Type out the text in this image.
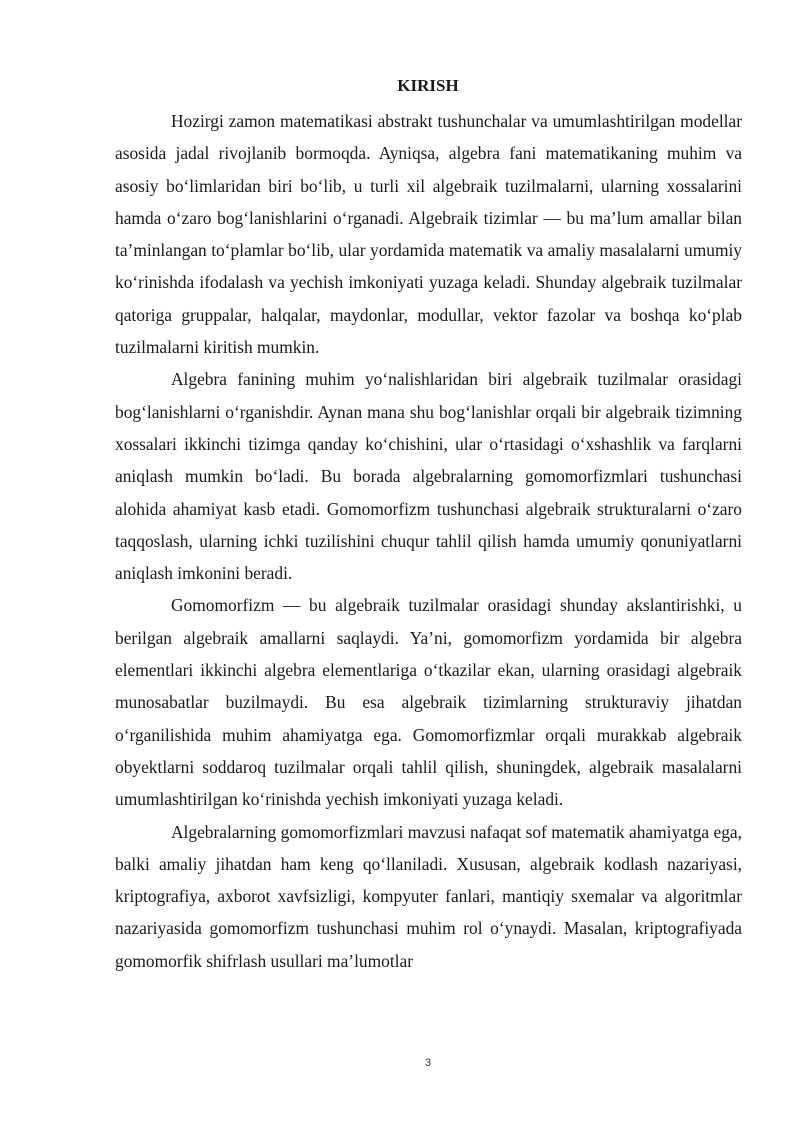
KIRISH

Hozirgi zamon matematikasi abstrakt tushunchalar va umumlashtirilgan modellar asosida jadal rivojlanib bormoqda. Ayniqsa, algebra fani matematikaning muhim va asosiy boʻlimlaridan biri boʻlib, u turli xil algebraik tuzilmalarni, ularning xossalarini hamda oʻzaro bogʻlanishlarini oʻrganadi. Algebraik tizimlar — bu maʼlum amallar bilan taʼminlangan toʻplamlar boʻlib, ular yordamida matematik va amaliy masalalarni umumiy koʻrinishda ifodalash va yechish imkoniyati yuzaga keladi. Shunday algebraik tuzilmalar qatoriga gruppalar, halqalar, maydonlar, modullar, vektor fazolar va boshqa koʻplab tuzilmalarni kiritish mumkin.

Algebra fanining muhim yoʻnalishlaridan biri algebraik tuzilmalar orasidagi bogʻlanishlarni oʻrganishdir. Aynan mana shu bogʻlanishlar orqali bir algebraik tizimning xossalari ikkinchi tizimga qanday koʻchishini, ular oʻrtasidagi oʻxshashlik va farqlarni aniqlash mumkin boʻladi. Bu borada algebralarning gomomorfizmlari tushunchasi alohida ahamiyat kasb etadi. Gomomorfizm tushunchasi algebraik strukturalarni oʻzaro taqqoslash, ularning ichki tuzilishini chuqur tahlil qilish hamda umumiy qonuniyatlarni aniqlash imkonini beradi.

Gomomorfizm — bu algebraik tuzilmalar orasidagi shunday akslantirishki, u berilgan algebraik amallarni saqlaydi. Yaʼni, gomomorfizm yordamida bir algebra elementlari ikkinchi algebra elementlariga oʻtkazilar ekan, ularning orasidagi algebraik munosabatlar buzilmaydi. Bu esa algebraik tizimlarning strukturaviy jihatdan oʻrganilishida muhim ahamiyatga ega. Gomomorfizmlar orqali murakkab algebraik obyektlarni soddaroq tuzilmalar orqali tahlil qilish, shuningdek, algebraik masalalarni umumlashtirilgan koʻrinishda yechish imkoniyati yuzaga keladi.

Algebralarning gomomorfizmlari mavzusi nafaqat sof matematik ahamiyatga ega, balki amaliy jihatdan ham keng qoʻllaniladi. Xususan, algebraik kodlash nazariyasi, kriptografiya, axborot xavfsizligi, kompyuter fanlari, mantiqiy sxemalar va algoritmlar nazariyasida gomomorfizm tushunchasi muhim rol oʻynaydi. Masalan, kriptografiyada gomomorfik shifrlash usullari maʼlumotlar

3
